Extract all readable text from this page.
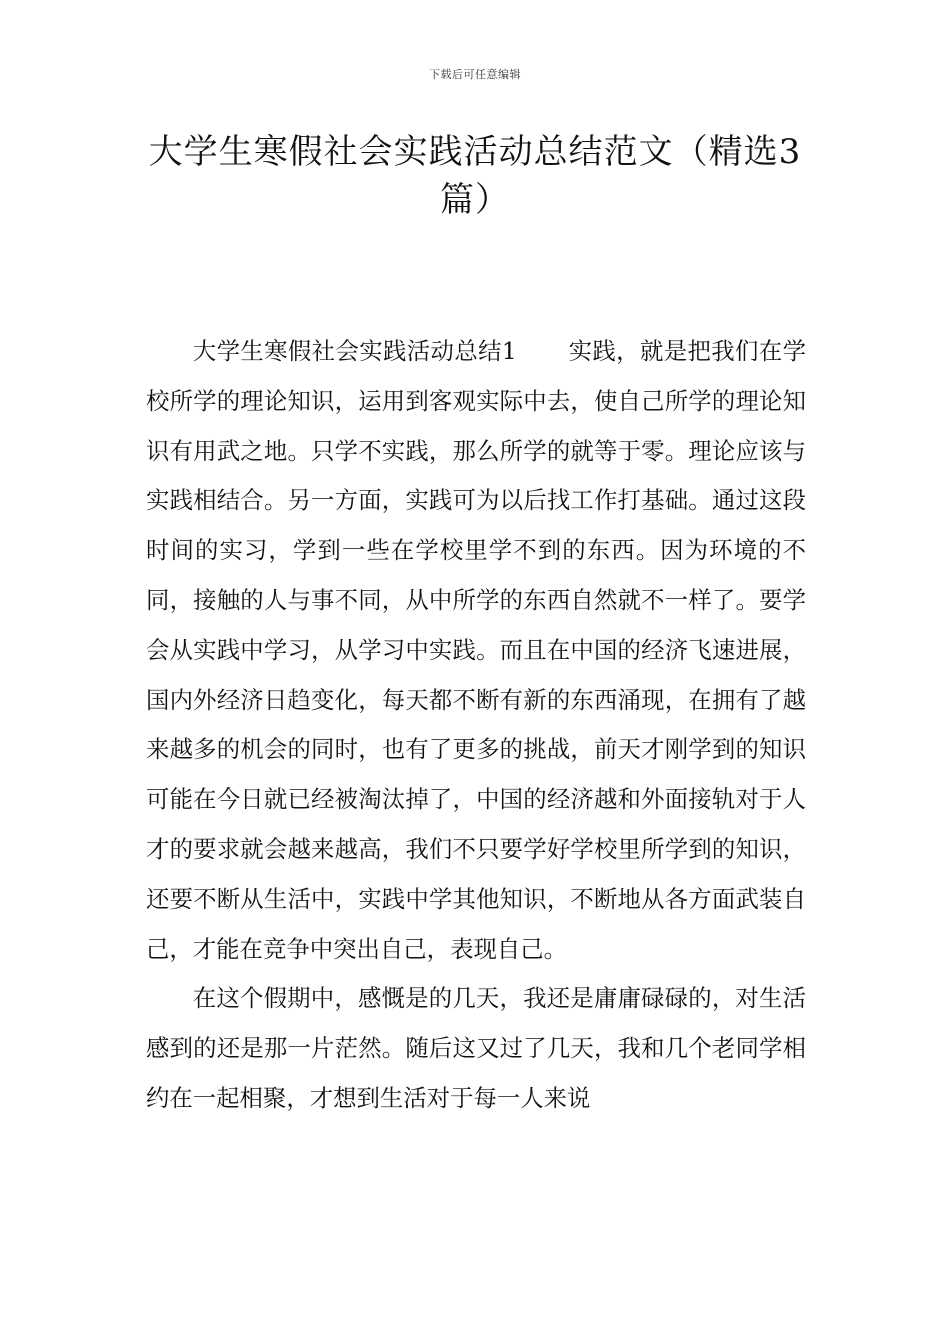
下载后可任意编辑
大学生寒假社会实践活动总结范文（精选3篇）

大学生寒假社会实践活动总结1 实践，就是把我们在学校所学的理论知识，运用到客观实际中去，使自己所学的理论知识有用武之地。只学不实践，那么所学的就等于零。理论应该与实践相结合。另一方面，实践可为以后找工作打基础。通过这段时间的实习，学到一些在学校里学不到的东西。因为环境的不同，接触的人与事不同，从中所学的东西自然就不一样了。要学会从实践中学习，从学习中实践。而且在中国的经济飞速进展，国内外经济日趋变化，每天都不断有新的东西涌现，在拥有了越来越多的机会的同时，也有了更多的挑战，前天才刚学到的知识可能在今日就已经被淘汰掉了，中国的经济越和外面接轨对于人才的要求就会越来越高，我们不只要学好学校里所学到的知识，还要不断从生活中，实践中学其他知识，不断地从各方面武装自己，才能在竞争中突出自己，表现自己。

在这个假期中，感慨是的几天，我还是庸庸碌碌的，对生活感到的还是那一片茫然。随后这又过了几天，我和几个老同学相约在一起相聚，才想到生活对于每一人来说
